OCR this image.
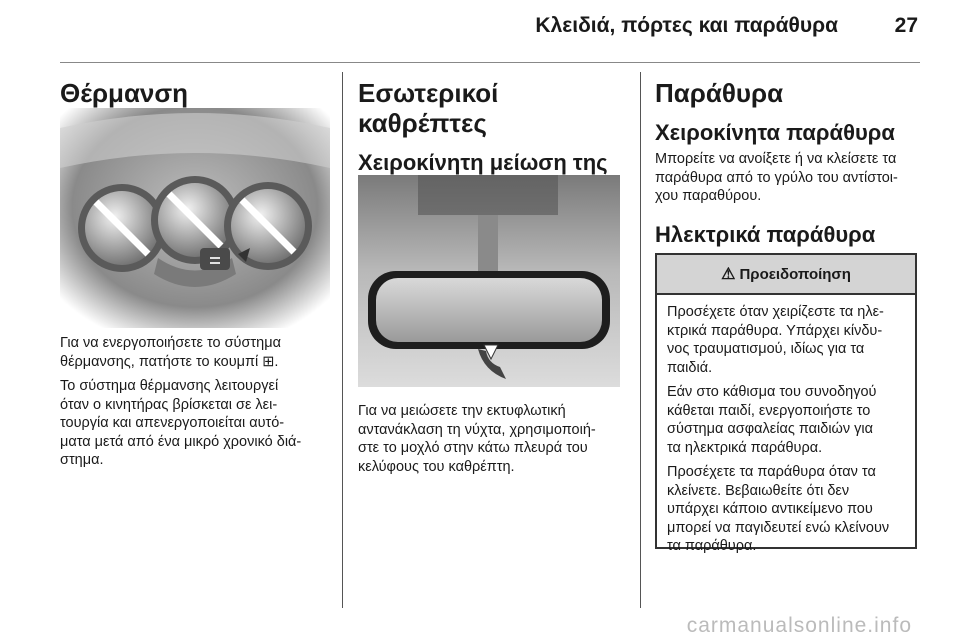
Κλειδιά, πόρτες και παράθυρα	27
Θέρμανση

Για να ενεργοποιήσετε το σύστημα
θέρμανσης, πατήστε το κουμπί ⊞.

Το σύστημα θέρμανσης λειτουργεί
όταν ο κινητήρας βρίσκεται σε λει-
τουργία και απενεργοποιείται αυτό-
ματα μετά από ένα μικρό χρονικό διά-
στημα.

Εσωτερικοί καθρέπτες
Χειροκίνητη μείωση της

Για να μειώσετε την εκτυφλωτική
αντανάκλαση τη νύχτα, χρησιμοποιή-
στε το μοχλό στην κάτω πλευρά του
κελύφους του καθρέπτη.

Παράθυρα
Χειροκίνητα παράθυρα

Μπορείτε να ανοίξετε ή να κλείσετε τα
παράθυρα από το γρύλο του αντίστοι-
χου παραθύρου.

Ηλεκτρικά παράθυρα
⚠ Προειδοποίηση

Προσέχετε όταν χειρίζεστε τα ηλε-
κτρικά παράθυρα. Υπάρχει κίνδυ-
νος τραυματισμού, ιδίως για τα
παιδιά.

Εάν στο κάθισμα του συνοδηγού
κάθεται παιδί, ενεργοποιήστε το
σύστημα ασφαλείας παιδιών για
τα ηλεκτρικά παράθυρα.

Προσέχετε τα παράθυρα όταν τα
κλείνετε. Βεβαιωθείτε ότι δεν
υπάρχει κάποιο αντικείμενο που
μπορεί να παγιδευτεί ενώ κλείνουν
τα παράθυρα.

carmanualsonline.info
